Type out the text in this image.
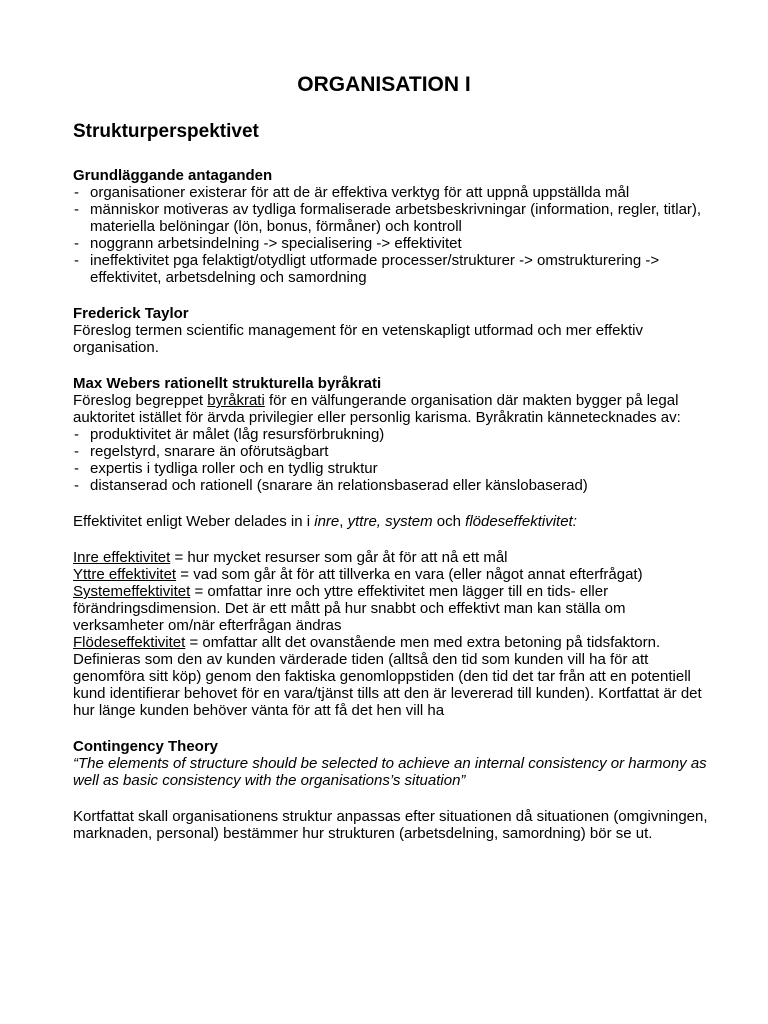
ORGANISATION I
Strukturperspektivet

Grundläggande antaganden

- organisationer existerar för att de är effektiva verktyg för att uppnå uppställda mål
- människor motiveras av tydliga formaliserade arbetsbeskrivningar (information, regler, titlar), materiella belöningar (lön, bonus, förmåner) och kontroll
- noggrann arbetsindelning -> specialisering -> effektivitet
- ineffektivitet pga felaktigt/otydligt utformade processer/strukturer -> omstrukturering -> effektivitet, arbetsdelning och samordning

Frederick Taylor

Föreslog termen scientific management för en vetenskapligt utformad och mer effektiv organisation.

Max Webers rationellt strukturella byråkrati

Föreslog begreppet byråkrati för en välfungerande organisation där makten bygger på legal auktoritet istället för ärvda privilegier eller personlig karisma. Byråkratin kännetecknades av:

- produktivitet är målet (låg resursförbrukning)
- regelstyrd, snarare än oförutsägbart
- expertis i tydliga roller och en tydlig struktur
- distanserad och rationell (snarare än relationsbaserad eller känslobaserad)

Effektivitet enligt Weber delades in i inre, yttre, system och flödeseffektivitet:

Inre effektivitet = hur mycket resurser som går åt för att nå ett mål

Yttre effektivitet = vad som går åt för att tillverka en vara (eller något annat efterfrågat)

Systemeffektivitet = omfattar inre och yttre effektivitet men lägger till en tids- eller förändringsdimension. Det är ett mått på hur snabbt och effektivt man kan ställa om verksamheter om/när efterfrågan ändras

Flödeseffektivitet = omfattar allt det ovanstående men med extra betoning på tidsfaktorn. Definieras som den av kunden värderade tiden (alltså den tid som kunden vill ha för att genomföra sitt köp) genom den faktiska genomloppstiden (den tid det tar från att en potentiell kund identifierar behovet för en vara/tjänst tills att den är levererad till kunden). Kortfattat är det hur länge kunden behöver vänta för att få det hen vill ha

Contingency Theory

“The elements of structure should be selected to achieve an internal consistency or harmony as well as basic consistency with the organisations’s situation”

Kortfattat skall organisationens struktur anpassas efter situationen då situationen (omgivningen, marknaden, personal) bestämmer hur strukturen (arbetsdelning, samordning) bör se ut.
